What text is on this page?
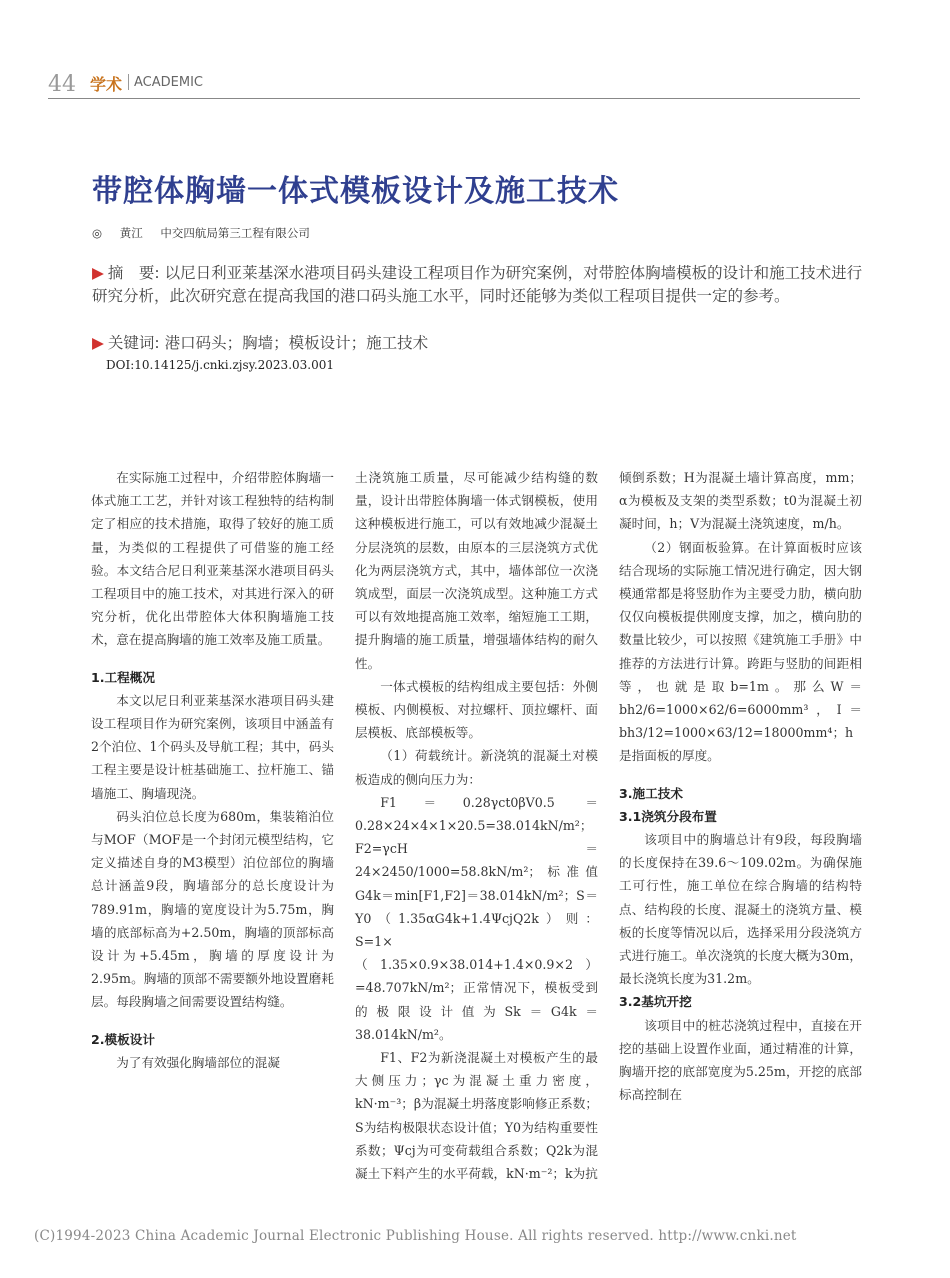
44 学术 ACADEMIC
带腔体胸墙一体式模板设计及施工技术
◎ 黄江 中交四航局第三工程有限公司
▶ 摘　要: 以尼日利亚莱基深水港项目码头建设工程项目作为研究案例，对带腔体胸墙模板的设计和施工技术进行研究分析，此次研究意在提高我国的港口码头施工水平，同时还能够为类似工程项目提供一定的参考。
▶ 关键词: 港口码头；胸墙；模板设计；施工技术
DOI:10.14125/j.cnki.zjsy.2023.03.001

在实际施工过程中，介绍带腔体胸墙一体式施工工艺，并针对该工程独特的结构制定了相应的技术措施，取得了较好的施工质量，为类似的工程提供了可借鉴的施工经验。本文结合尼日利亚莱基深水港项目码头工程项目中的施工技术，对其进行深入的研究分析，优化出带腔体大体积胸墙施工技术，意在提高胸墙的施工效率及施工质量。

1.工程概况

本文以尼日利亚莱基深水港项目码头建设工程项目作为研究案例，该项目中涵盖有2个泊位、1个码头及导航工程；其中，码头工程主要是设计桩基础施工、拉杆施工、锚墙施工、胸墙现浇。

码头泊位总长度为680m，集装箱泊位与MOF（MOF是一个封闭元模型结构，它定义描述自身的M3模型）泊位部位的胸墙总计涵盖9段，胸墙部分的总长度设计为789.91m，胸墙的宽度设计为5.75m，胸墙的底部标高为+2.50m，胸墙的顶部标高设计为+5.45m，胸墙的厚度设计为2.95m。胸墙的顶部不需要额外地设置磨耗层。每段胸墙之间需要设置结构缝。

2.模板设计

为了有效强化胸墙部位的混凝

土浇筑施工质量，尽可能减少结构缝的数量，设计出带腔体胸墙一体式钢模板，使用这种模板进行施工，可以有效地减少混凝土分层浇筑的层数，由原本的三层浇筑方式优化为两层浇筑方式，其中，墙体部位一次浇筑成型，面层一次浇筑成型。这种施工方式可以有效地提高施工效率，缩短施工工期，提升胸墙的施工质量，增强墙体结构的耐久性。

一体式模板的结构组成主要包括：外侧模板、内侧模板、对拉螺杆、顶拉螺杆、面层模板、底部模板等。

（1）荷载统计。新浇筑的混凝土对模板造成的侧向压力为：

F1＝0.28γct0βV0.5 ＝0.28×24×4×1×20.5=38.014kN/m²；F2=γcH＝24×2450/1000=58.8kN/m²；标准值G4k＝min[F1,F2]＝38.014kN/m²；S＝Y0（1.35αG4k+1.4ΨcjQ2k）则：S=1×（1.35×0.9×38.014+1.4×0.9×2）=48.707kN/m²；正常情况下，模板受到的极限设计值为Sk＝G4k＝38.014kN/m²。

F1、F2为新浇混凝土对模板产生的最大侧压力；γc为混凝土重力密度，kN·m⁻³；β为混凝土坍落度影响修正系数；S为结构极限状态设计值；Y0为结构重要性系数；Ψcj为可变荷载组合系数；Q2k为混凝土下料产生的水平荷载，kN·m⁻²；k为抗

倾倒系数；H为混凝土墙计算高度，mm；α为模板及支架的类型系数；t0为混凝土初凝时间，h；V为混凝土浇筑速度，m/h。

（2）钢面板验算。在计算面板时应该结合现场的实际施工情况进行确定，因大钢模通常都是将竖肋作为主要受力肋，横向肋仅仅向模板提供刚度支撑，加之，横向肋的数量比较少，可以按照《建筑施工手册》中推荐的方法进行计算。跨距与竖肋的间距相等，也就是取b=1m。那么W＝bh2/6=1000×62/6=6000mm³，I＝bh3/12=1000×63/12=18000mm⁴；h是指面板的厚度。

3.施工技术
3.1浇筑分段布置

该项目中的胸墙总计有9段，每段胸墙的长度保持在39.6～109.02m。为确保施工可行性，施工单位在综合胸墙的结构特点、结构段的长度、混凝土的浇筑方量、模板的长度等情况以后，选择采用分段浇筑方式进行施工。单次浇筑的长度大概为30m，最长浇筑长度为31.2m。

3.2基坑开挖

该项目中的桩芯浇筑过程中，直接在开挖的基础上设置作业面，通过精准的计算，胸墙开挖的底部宽度为5.25m，开挖的底部标高控制在

(C)1994-2023 China Academic Journal Electronic Publishing House. All rights reserved. http://www.cnki.net
